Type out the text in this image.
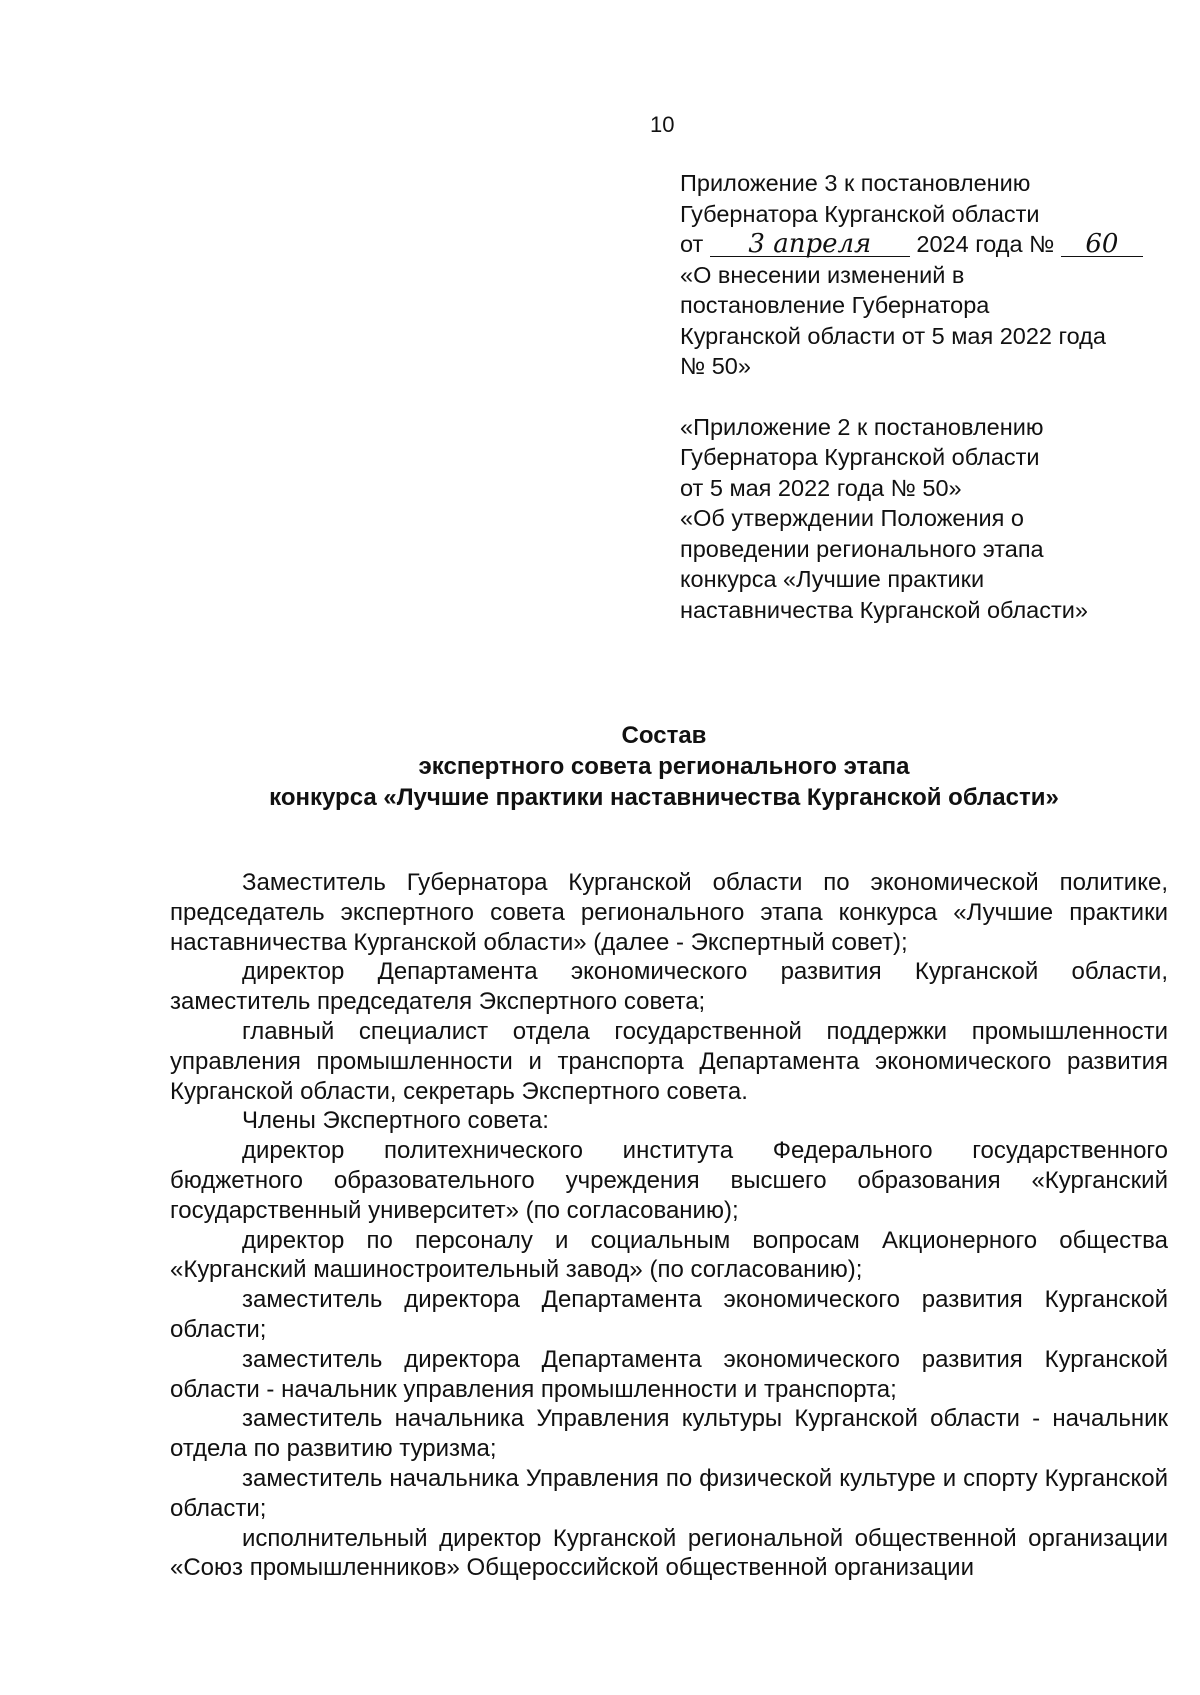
10
Приложение 3 к постановлению
Губернатора Курганской области
от 3 апреля 2024 года № 60
«О внесении изменений в
постановление Губернатора
Курганской области от 5 мая 2022 года
№ 50»
«Приложение 2 к постановлению
Губернатора Курганской области
от 5 мая 2022 года № 50»
«Об утверждении Положения о
проведении регионального этапа
конкурса «Лучшие практики
наставничества Курганской области»
Состав
экспертного совета регионального этапа
конкурса «Лучшие практики наставничества Курганской области»

Заместитель Губернатора Курганской области по экономической политике, председатель экспертного совета регионального этапа конкурса «Лучшие практики наставничества Курганской области» (далее - Экспертный совет);

директор Департамента экономического развития Курганской области, заместитель председателя Экспертного совета;

главный специалист отдела государственной поддержки промышленности управления промышленности и транспорта Департамента экономического развития Курганской области, секретарь Экспертного совета.

Члены Экспертного совета:

директор политехнического института Федерального государственного бюджетного образовательного учреждения высшего образования «Курганский государственный университет» (по согласованию);

директор по персоналу и социальным вопросам Акционерного общества «Курганский машиностроительный завод» (по согласованию);

заместитель директора Департамента экономического развития Курганской области;

заместитель директора Департамента экономического развития Курганской области - начальник управления промышленности и транспорта;

заместитель начальника Управления культуры Курганской области - начальник отдела по развитию туризма;

заместитель начальника Управления по физической культуре и спорту Курганской области;

исполнительный директор Курганской региональной общественной организации «Союз промышленников» Общероссийской общественной организации
